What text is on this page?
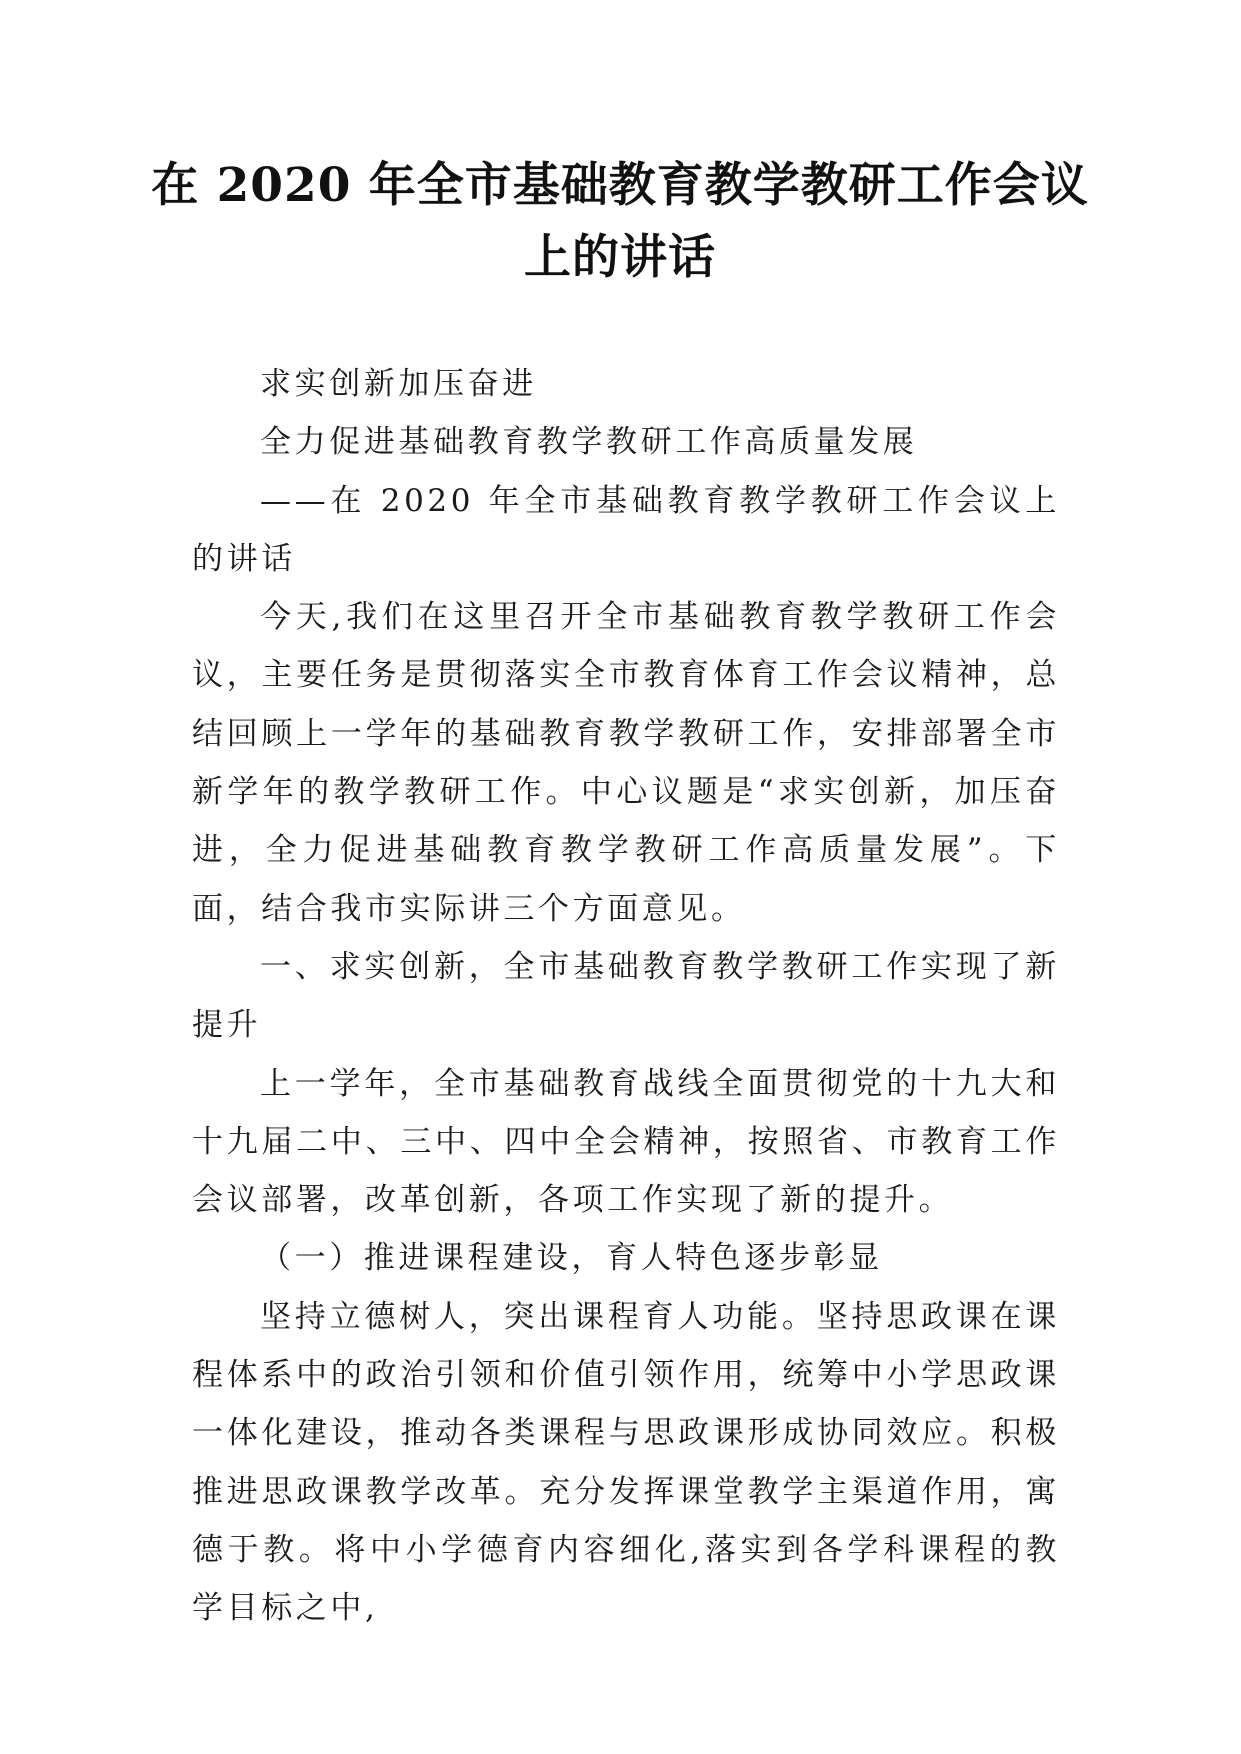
在 2020 年全市基础教育教学教研工作会议
上的讲话

求实创新加压奋进

全力促进基础教育教学教研工作高质量发展

——在 2020 年全市基础教育教学教研工作会议上的讲话

今天,我们在这里召开全市基础教育教学教研工作会议，主要任务是贯彻落实全市教育体育工作会议精神，总结回顾上一学年的基础教育教学教研工作，安排部署全市新学年的教学教研工作。中心议题是“求实创新，加压奋进，全力促进基础教育教学教研工作高质量发展”。下面，结合我市实际讲三个方面意见。

一、求实创新，全市基础教育教学教研工作实现了新提升

上一学年，全市基础教育战线全面贯彻党的十九大和十九届二中、三中、四中全会精神，按照省、市教育工作会议部署，改革创新，各项工作实现了新的提升。

（一）推进课程建设，育人特色逐步彰显

坚持立德树人，突出课程育人功能。坚持思政课在课程体系中的政治引领和价值引领作用，统筹中小学思政课一体化建设，推动各类课程与思政课形成协同效应。积极推进思政课教学改革。充分发挥课堂教学主渠道作用，寓德于教。将中小学德育内容细化,落实到各学科课程的教学目标之中,
